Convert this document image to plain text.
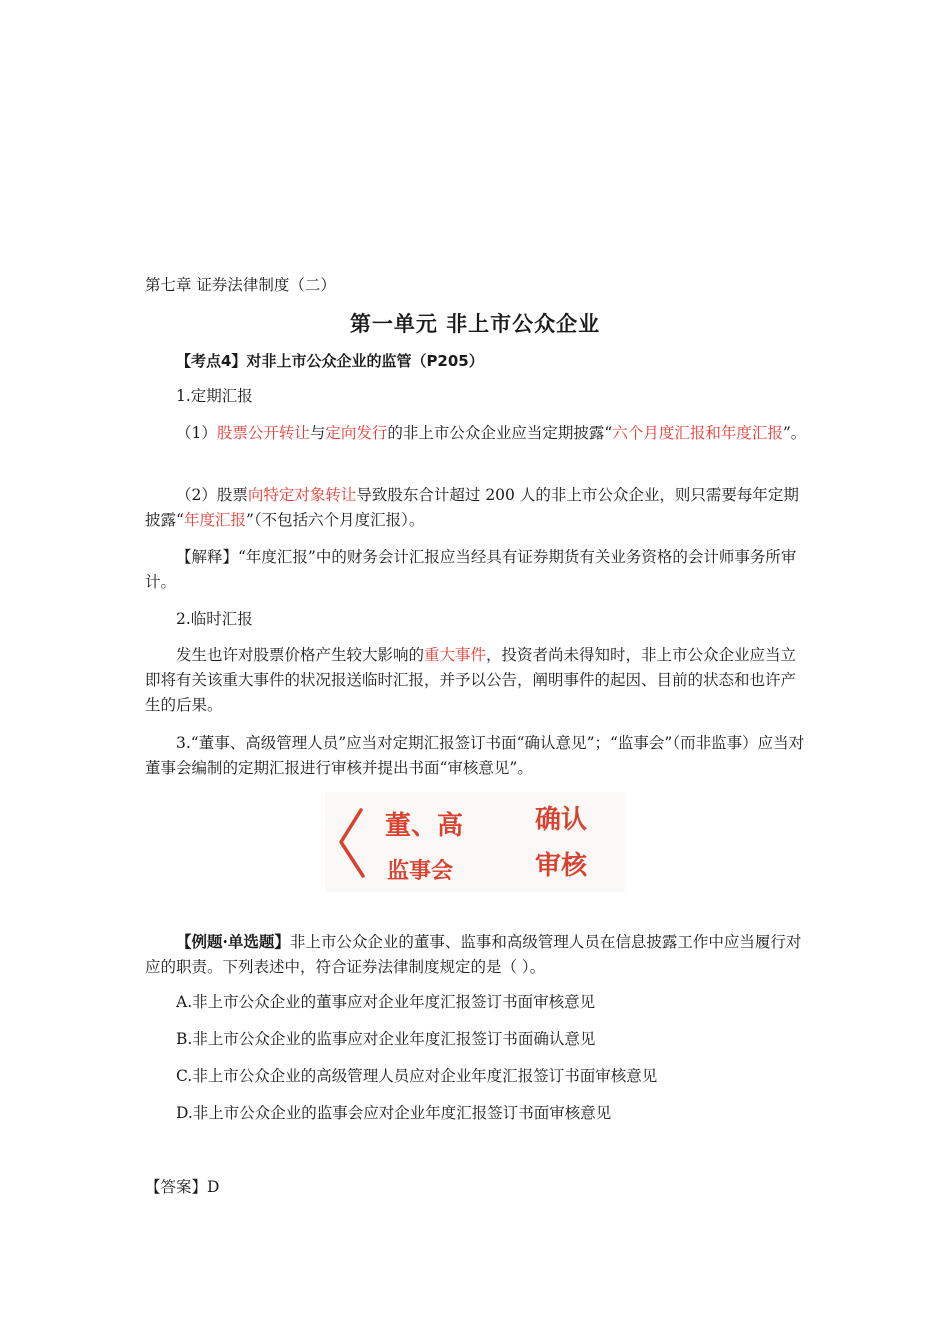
第七章 证券法律制度（二）

第一单元 非上市公众企业

【考点4】对非上市公众企业的监管（P205）

1.定期汇报

（1）股票公开转让与定向发行的非上市公众企业应当定期披露“六个月度汇报和年度汇报”。

（2）股票向特定对象转让导致股东合计超过 200 人的非上市公众企业，则只需要每年定期披露“年度汇报”（不包括六个月度汇报）。

【解释】“年度汇报”中的财务会计汇报应当经具有证券期货有关业务资格的会计师事务所审计。

2.临时汇报

发生也许对股票价格产生较大影响的重大事件，投资者尚未得知时，非上市公众企业应当立即将有关该重大事件的状况报送临时汇报，并予以公告，阐明事件的起因、目前的状态和也许产生的后果。

3.“董事、高级管理人员”应当对定期汇报签订书面“确认意见”；“监事会”（而非监事）应当对董事会编制的定期汇报进行审核并提出书面“审核意见”。

董、高	确认
监事会	审核

【例题·单选题】非上市公众企业的董事、监事和高级管理人员在信息披露工作中应当履行对应的职责。下列表述中，符合证券法律制度规定的是（ ）。

A.非上市公众企业的董事应对企业年度汇报签订书面审核意见

B.非上市公众企业的监事应对企业年度汇报签订书面确认意见

C.非上市公众企业的高级管理人员应对企业年度汇报签订书面审核意见

D.非上市公众企业的监事会应对企业年度汇报签订书面审核意见

【答案】D
